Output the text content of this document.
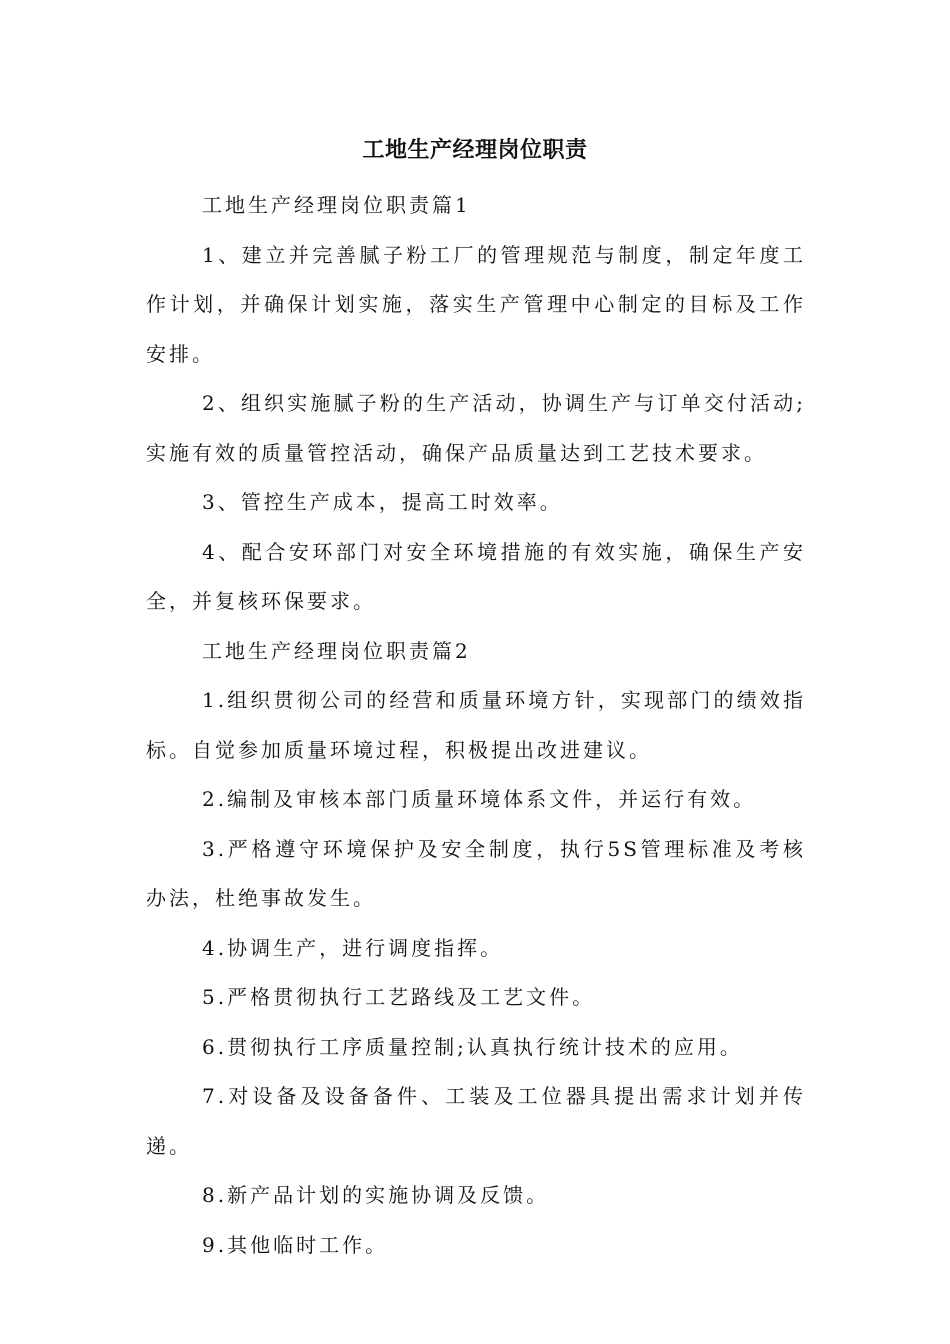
工地生产经理岗位职责

工地生产经理岗位职责篇1

1、建立并完善腻子粉工厂的管理规范与制度，制定年度工作计划，并确保计划实施，落实生产管理中心制定的目标及工作安排。

2、组织实施腻子粉的生产活动，协调生产与订单交付活动;实施有效的质量管控活动，确保产品质量达到工艺技术要求。

3、管控生产成本，提高工时效率。

4、配合安环部门对安全环境措施的有效实施，确保生产安全，并复核环保要求。

工地生产经理岗位职责篇2

1.组织贯彻公司的经营和质量环境方针，实现部门的绩效指标。自觉参加质量环境过程，积极提出改进建议。

2.编制及审核本部门质量环境体系文件，并运行有效。

3.严格遵守环境保护及安全制度，执行5S管理标准及考核办法，杜绝事故发生。

4.协调生产，进行调度指挥。

5.严格贯彻执行工艺路线及工艺文件。

6.贯彻执行工序质量控制;认真执行统计技术的应用。

7.对设备及设备备件、工装及工位器具提出需求计划并传递。

8.新产品计划的实施协调及反馈。

9.其他临时工作。
